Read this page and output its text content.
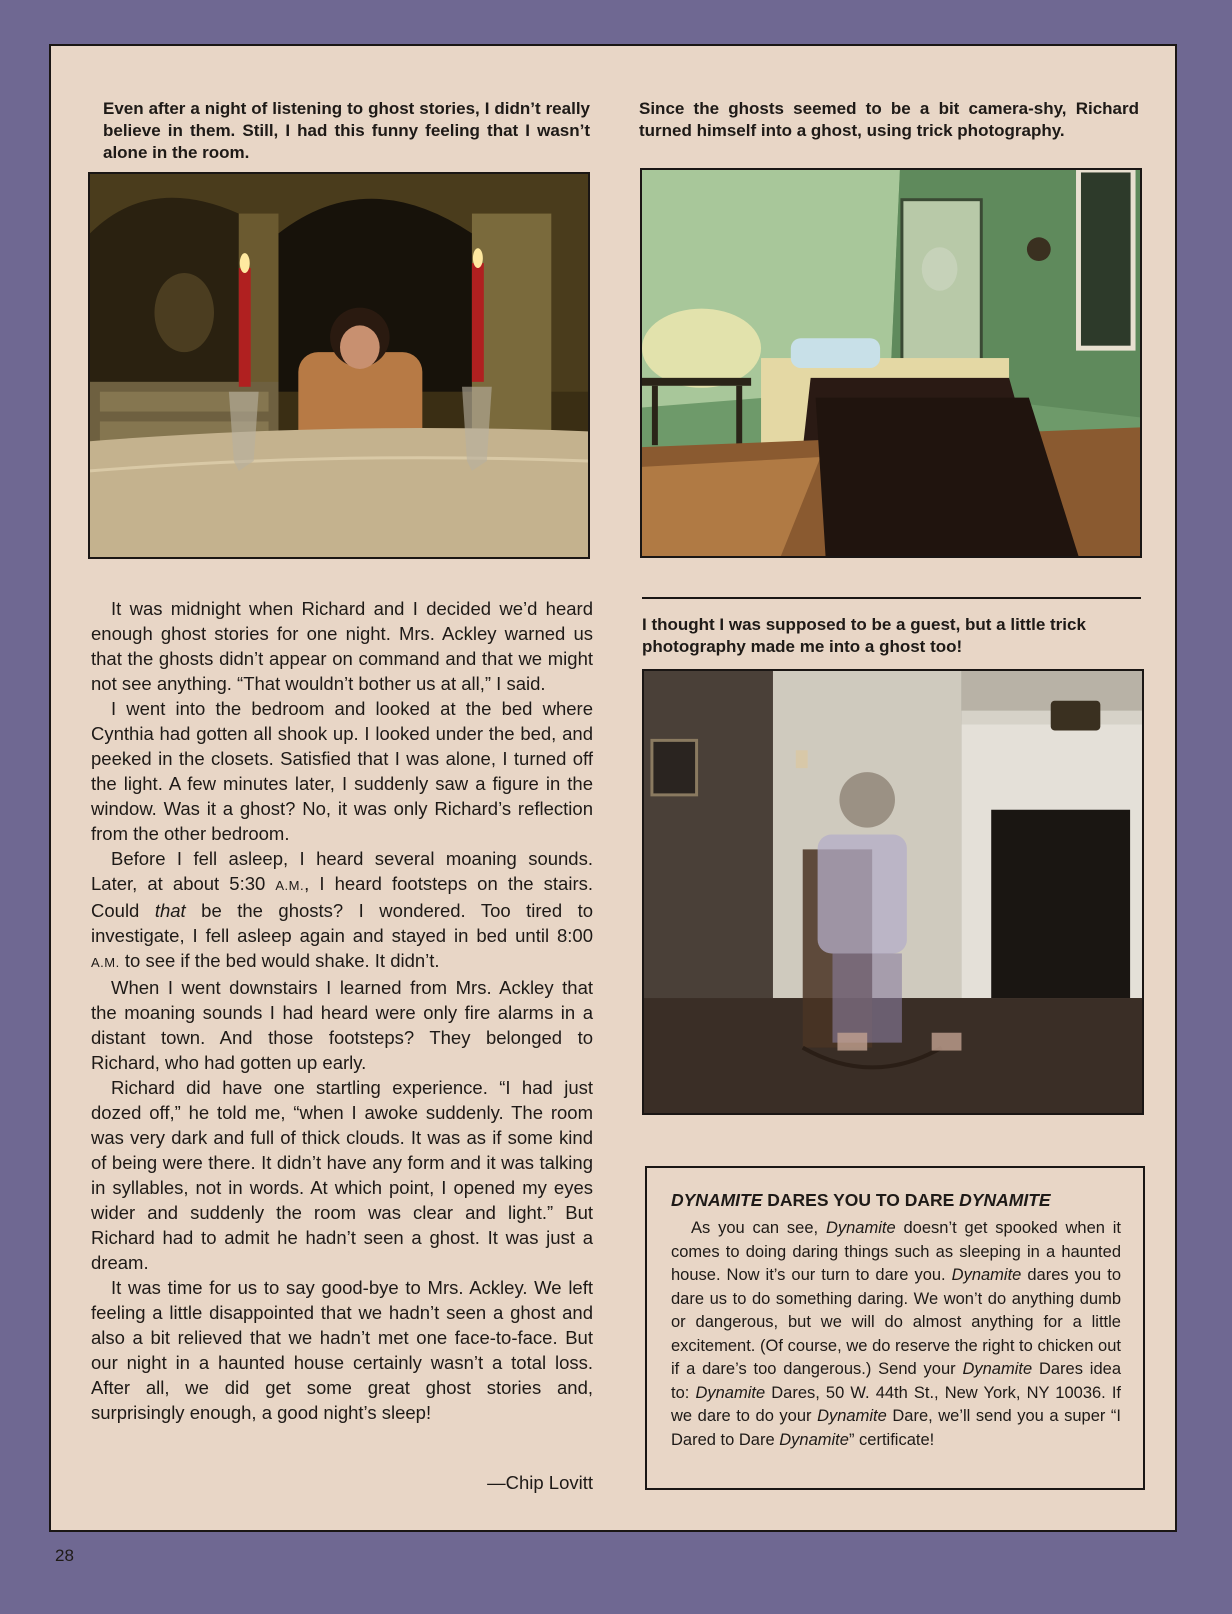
Even after a night of listening to ghost stories, I didn’t really believe in them. Still, I had this funny feeling that I wasn’t alone in the room.

Since the ghosts seemed to be a bit camera-shy, Richard turned himself into a ghost, using trick photography.

It was midnight when Richard and I decided we’d heard enough ghost stories for one night. Mrs. Ackley warned us that the ghosts didn’t appear on command and that we might not see anything. “That wouldn’t bother us at all,” I said.

I went into the bedroom and looked at the bed where Cynthia had gotten all shook up. I looked under the bed, and peeked in the closets. Satisfied that I was alone, I turned off the light. A few minutes later, I suddenly saw a figure in the window. Was it a ghost? No, it was only Richard’s reflection from the other bedroom.

Before I fell asleep, I heard several moaning sounds. Later, at about 5:30 A.M., I heard footsteps on the stairs. Could that be the ghosts? I wondered. Too tired to investigate, I fell asleep again and stayed in bed until 8:00 A.M. to see if the bed would shake. It didn’t.

When I went downstairs I learned from Mrs. Ackley that the moaning sounds I had heard were only fire alarms in a distant town. And those footsteps? They belonged to Richard, who had gotten up early.

Richard did have one startling experience. “I had just dozed off,” he told me, “when I awoke suddenly. The room was very dark and full of thick clouds. It was as if some kind of being were there. It didn’t have any form and it was talking in syllables, not in words. At which point, I opened my eyes wider and suddenly the room was clear and light.” But Richard had to admit he hadn’t seen a ghost. It was just a dream.

It was time for us to say good-bye to Mrs. Ackley. We left feeling a little disappointed that we hadn’t seen a ghost and also a bit relieved that we hadn’t met one face-to-face. But our night in a haunted house certainly wasn’t a total loss. After all, we did get some great ghost stories and, surprisingly enough, a good night’s sleep!

—Chip Lovitt

I thought I was supposed to be a guest, but a little trick photography made me into a ghost too!

DYNAMITE DARES YOU TO DARE DYNAMITE

As you can see, Dynamite doesn’t get spooked when it comes to doing daring things such as sleeping in a haunted house. Now it’s our turn to dare you. Dynamite dares you to dare us to do something daring. We won’t do anything dumb or dangerous, but we will do almost anything for a little excitement. (Of course, we do reserve the right to chicken out if a dare’s too dangerous.) Send your Dynamite Dares idea to: Dynamite Dares, 50 W. 44th St., New York, NY 10036. If we dare to do your Dynamite Dare, we’ll send you a super “I Dared to Dare Dynamite” certificate!

28
